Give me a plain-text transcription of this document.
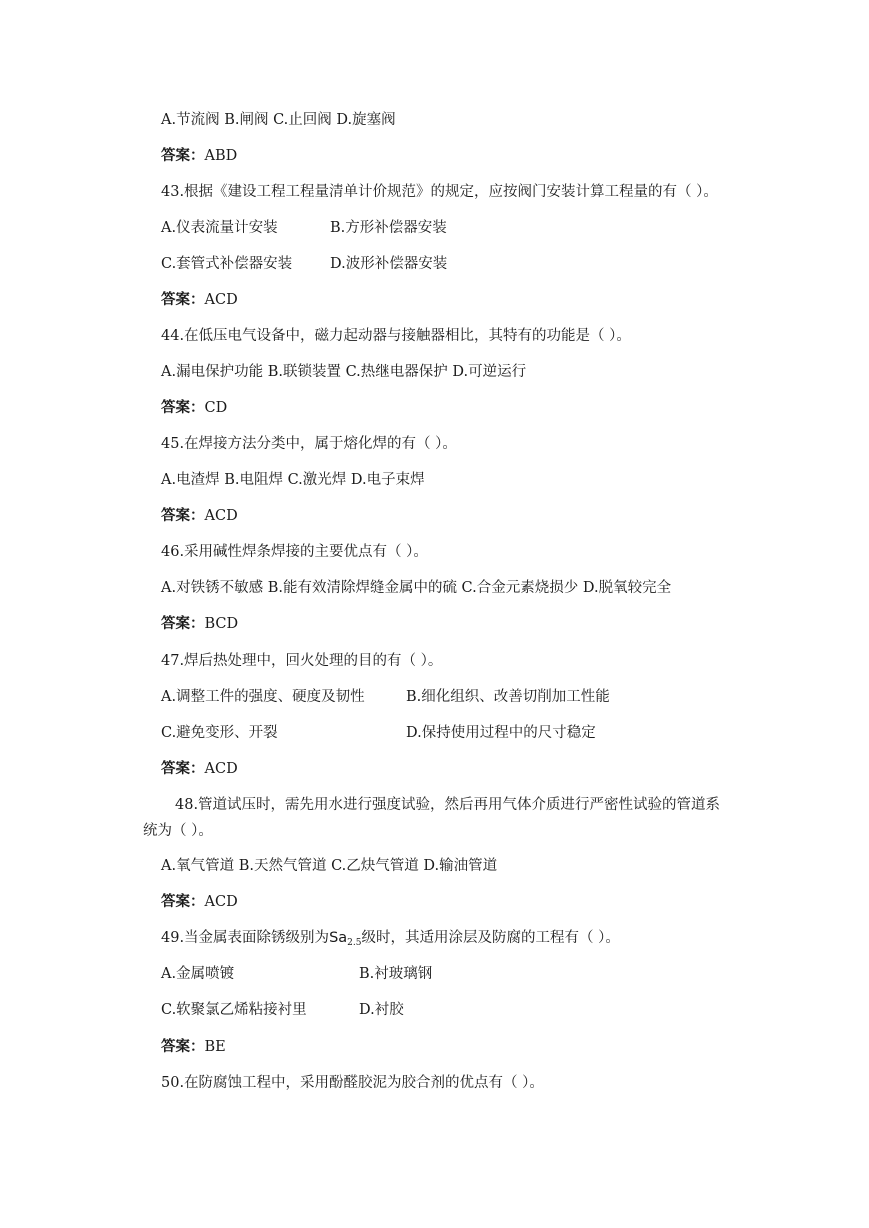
A.节流阀 B.闸阀 C.止回阀 D.旋塞阀
答案：ABD
43.根据《建设工程工程量清单计价规范》的规定，应按阀门安装计算工程量的有（ ）。
A.仪表流量计安装	B.方形补偿器安装
C.套管式补偿器安装	D.波形补偿器安装
答案：ACD
44.在低压电气设备中，磁力起动器与接触器相比，其特有的功能是（ ）。
A.漏电保护功能 B.联锁装置 C.热继电器保护 D.可逆运行
答案：CD
45.在焊接方法分类中，属于熔化焊的有（ ）。
A.电渣焊 B.电阻焊 C.激光焊 D.电子束焊
答案：ACD
46.采用碱性焊条焊接的主要优点有（ ）。
A.对铁锈不敏感 B.能有效清除焊缝金属中的硫 C.合金元素烧损少 D.脱氧较完全
答案：BCD
47.焊后热处理中，回火处理的目的有（ ）。
A.调整工件的强度、硬度及韧性	B.细化组织、改善切削加工性能
C.避免变形、开裂	D.保持使用过程中的尺寸稳定
答案：ACD
48.管道试压时，需先用水进行强度试验，然后再用气体介质进行严密性试验的管道系
统为（ ）。
A.氧气管道 B.天然气管道 C.乙炔气管道 D.输油管道
答案：ACD
49.当金属表面除锈级别为$Sa_{2.5}$级时，其适用涂层及防腐的工程有（ ）。
A.金属喷镀	B.衬玻璃钢
C.软聚氯乙烯粘接衬里	D.衬胶
答案：BE
50.在防腐蚀工程中，采用酚醛胶泥为胶合剂的优点有（ ）。
